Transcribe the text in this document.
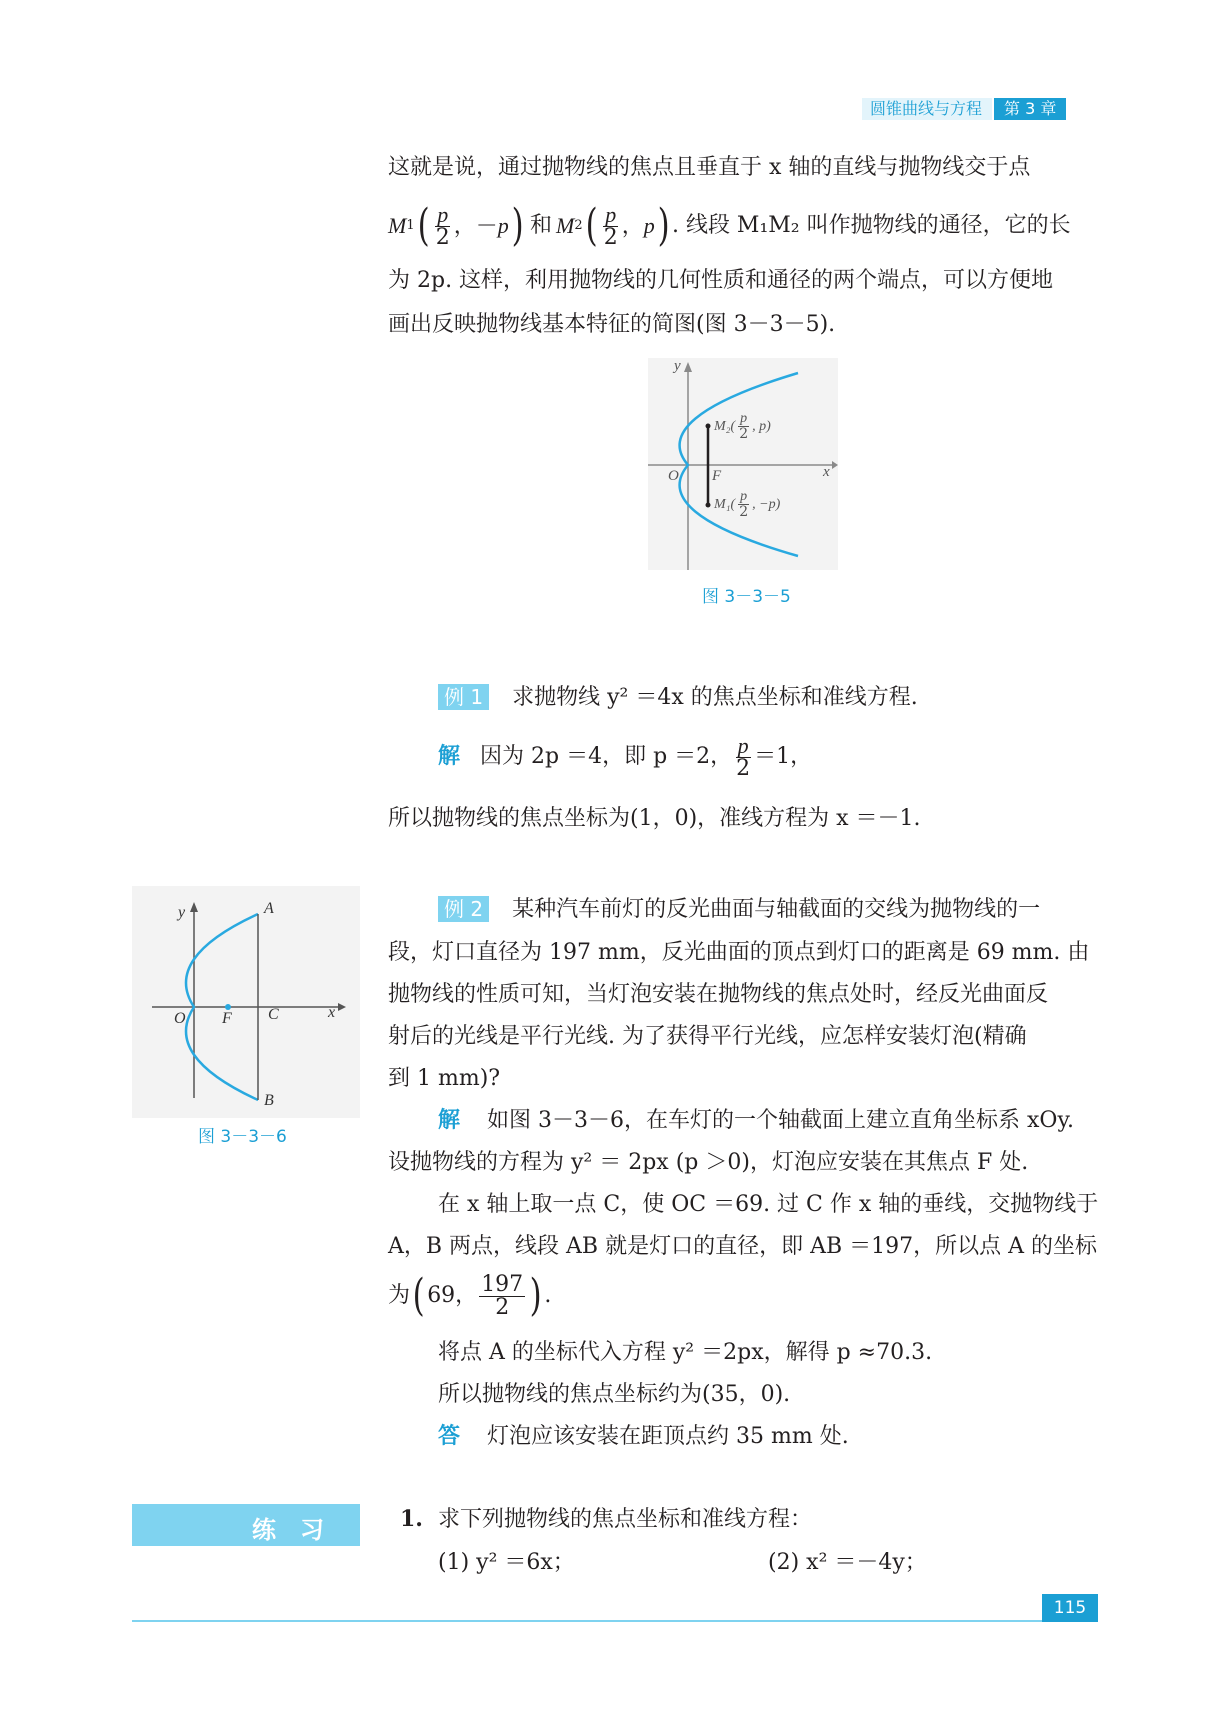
圆锥曲线与方程	第 3 章
这就是说，通过抛物线的焦点且垂直于 x 轴的直线与抛物线交于点
M 1 ( $\frac{p}{2}$ ，－p ) 和 M 2 ( $\frac{p}{2}$ ，p ) . 线段 M₁M₂ 叫作抛物线的通径，它的长
为 2p. 这样，利用抛物线的几何性质和通径的两个端点，可以方便地
画出反映抛物线基本特征的简图(图 3－3－5).
y
x
O F
$M_2( \frac{p}{2}$ , p)
$M_1( \frac{p}{2}$ , −p)
图 3－3－5
例 1 求抛物线 y² ＝4x 的焦点坐标和准线方程.
解 因为 2p ＝4，即 p ＝2， $\frac{p}{2} =1$，
所以抛物线的焦点坐标为(1，0)，准线方程为 x ＝－1.
y
x
O F C
A
B
图 3－3－6
例 2 某种汽车前灯的反光曲面与轴截面的交线为抛物线的一
段，灯口直径为 197 mm，反光曲面的顶点到灯口的距离是 69 mm. 由
抛物线的性质可知，当灯泡安装在抛物线的焦点处时，经反光曲面反
射后的光线是平行光线. 为了获得平行光线，应怎样安装灯泡(精确
到 1 mm)?
解 如图 3－3－6，在车灯的一个轴截面上建立直角坐标系 xOy.
设抛物线的方程为 y² ＝ 2px (p ＞0)，灯泡应安装在其焦点 F 处.
在 x 轴上取一点 C，使 OC ＝69. 过 C 作 x 轴的垂线，交抛物线于
A，B 两点，线段 AB 就是灯口的直径，即 AB ＝197，所以点 A 的坐标
为 ( 69， $\frac{197}{2}$ ) .
将点 A 的坐标代入方程 y² ＝2px，解得 p ≈70.3.
所以抛物线的焦点坐标约为(35，0).
答 灯泡应该安装在距顶点约 35 mm 处.
练　习	1. 求下列抛物线的焦点坐标和准线方程：
(1) y² ＝6x；	(2) x² ＝－4y；
115
